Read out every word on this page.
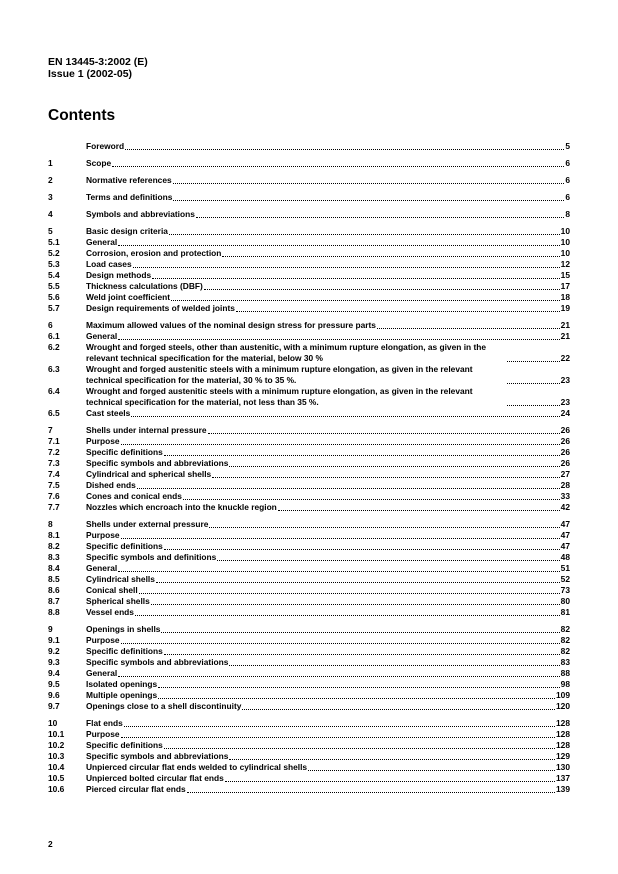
EN 13445-3:2002 (E)
Issue 1 (2002-05)
Contents
Foreword	5
1	Scope	6
2	Normative references	6
3	Terms and definitions	6
4	Symbols and abbreviations	8
5	Basic design criteria	10
5.1	General	10
5.2	Corrosion, erosion and protection	10
5.3	Load cases	12
5.4	Design methods	15
5.5	Thickness calculations (DBF)	17
5.6	Weld joint coefficient	18
5.7	Design requirements of welded joints	19
6	Maximum allowed values of the nominal design stress for pressure parts	21
6.1	General	21
6.2	Wrought and forged steels, other than austenitic, with a minimum rupture elongation, as given in the relevant technical specification for the material, below 30 %	22
6.3	Wrought and forged austenitic steels with a minimum rupture elongation, as given in the relevant technical specification for the material, 30 % to 35 %.	23
6.4	Wrought and forged austenitic steels with a minimum rupture elongation, as given in the relevant technical specification for the material, not less than 35 %.	23
6.5	Cast steels	24
7	Shells under internal pressure	26
7.1	Purpose	26
7.2	Specific definitions	26
7.3	Specific symbols and abbreviations	26
7.4	Cylindrical and spherical shells	27
7.5	Dished ends	28
7.6	Cones and conical ends	33
7.7	Nozzles which encroach into the knuckle region	42
8	Shells under external pressure	47
8.1	Purpose	47
8.2	Specific definitions	47
8.3	Specific symbols and definitions	48
8.4	General	51
8.5	Cylindrical shells	52
8.6	Conical shell	73
8.7	Spherical shells	80
8.8	Vessel ends	81
9	Openings in shells	82
9.1	Purpose	82
9.2	Specific definitions	82
9.3	Specific symbols and abbreviations	83
9.4	General	88
9.5	Isolated openings	98
9.6	Multiple openings	109
9.7	Openings close to a shell discontinuity	120
10	Flat ends	128
10.1	Purpose	128
10.2	Specific definitions	128
10.3	Specific symbols and abbreviations	129
10.4	Unpierced circular flat ends welded to cylindrical shells	130
10.5	Unpierced bolted circular flat ends	137
10.6	Pierced circular flat ends	139
2
